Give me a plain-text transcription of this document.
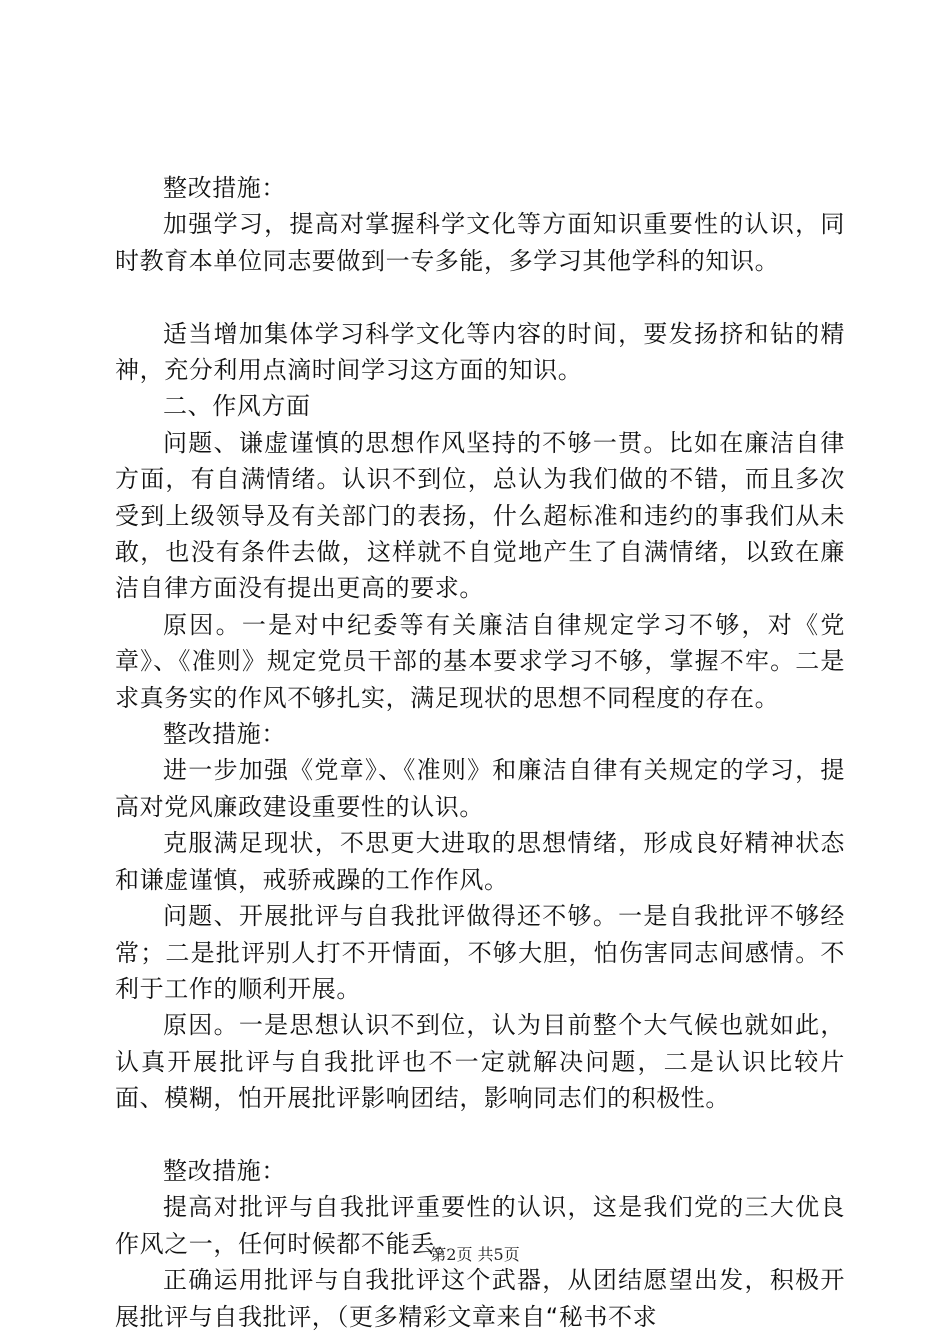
整改措施：

加强学习，提高对掌握科学文化等方面知识重要性的认识，同时教育本单位同志要做到一专多能，多学习其他学科的知识。

适当增加集体学习科学文化等内容的时间，要发扬挤和钻的精神，充分利用点滴时间学习这方面的知识。

二、作风方面

问题、谦虚谨慎的思想作风坚持的不够一贯。比如在廉洁自律方面，有自满情绪。认识不到位，总认为我们做的不错，而且多次受到上级领导及有关部门的表扬，什么超标准和违约的事我们从未敢，也没有条件去做，这样就不自觉地产生了自满情绪，以致在廉洁自律方面没有提出更高的要求。

原因。一是对中纪委等有关廉洁自律规定学习不够，对《党章》、《准则》规定党员干部的基本要求学习不够，掌握不牢。二是求真务实的作风不够扎实，满足现状的思想不同程度的存在。

整改措施：

进一步加强《党章》、《准则》和廉洁自律有关规定的学习，提高对党风廉政建设重要性的认识。

克服满足现状，不思更大进取的思想情绪，形成良好精神状态和谦虚谨慎，戒骄戒躁的工作作风。

问题、开展批评与自我批评做得还不够。一是自我批评不够经常；二是批评别人打不开情面，不够大胆，怕伤害同志间感情。不利于工作的顺利开展。

原因。一是思想认识不到位，认为目前整个大气候也就如此，认真开展批评与自我批评也不一定就解决问题，二是认识比较片面、模糊，怕开展批评影响团结，影响同志们的积极性。

整改措施：

提高对批评与自我批评重要性的认识，这是我们党的三大优良作风之一，任何时候都不能丢。

正确运用批评与自我批评这个武器，从团结愿望出发，积极开展批评与自我批评，（更多精彩文章来自“秘书不求

第2页 共5页
